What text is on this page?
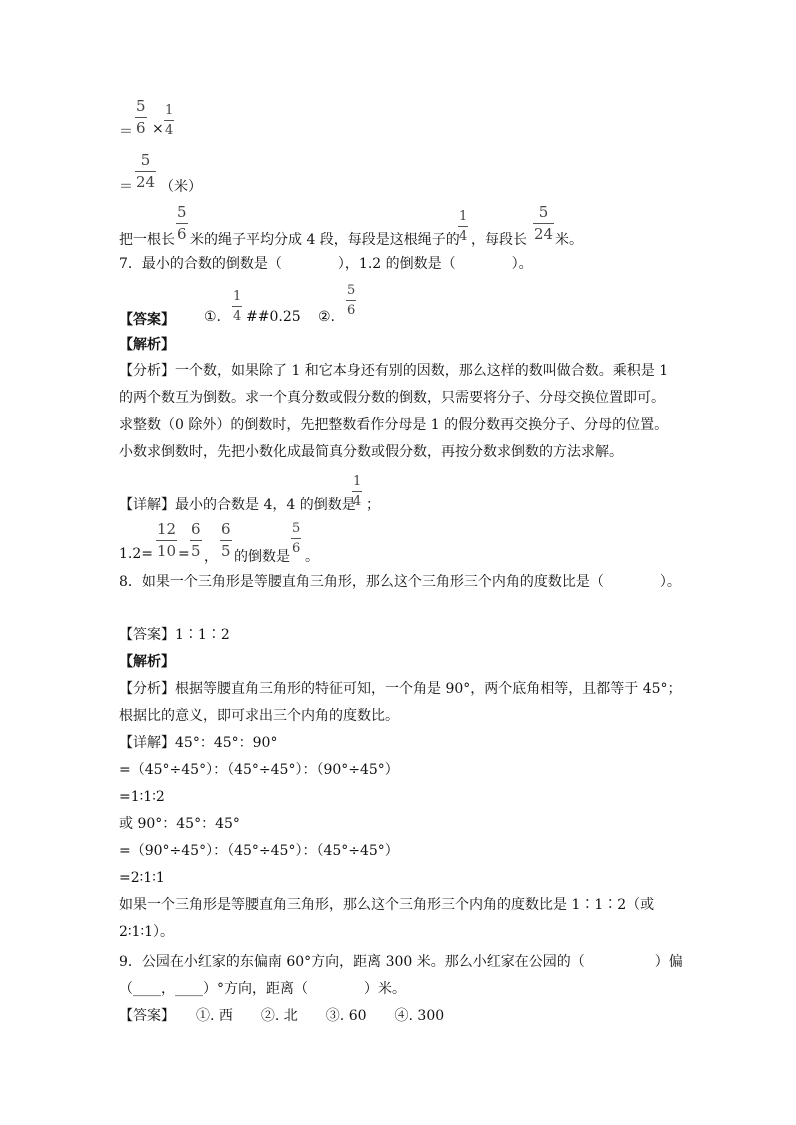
＝
5
6 ×
1
4
＝
5
24 （米）
把一根长
5
6 米的绳子平均分成 4 段，每段是这根绳子的
1
4 ，每段长
5
24 米。
7．最小的合数的倒数是（　　　　），1.2 的倒数是（　　　　）。
【答案】 ①.
1
4 ##0.25 ②.
5
6
【解析】
【分析】一个数，如果除了 1 和它本身还有别的因数，那么这样的数叫做合数。乘积是 1
的两个数互为倒数。求一个真分数或假分数的倒数，只需要将分子、分母交换位置即可。
求整数（0 除外）的倒数时，先把整数看作分母是 1 的假分数再交换分子、分母的位置。
小数求倒数时，先把小数化成最简真分数或假分数，再按分数求倒数的方法求解。
【详解】最小的合数是 4，4 的倒数是
1
4 ；
1.2=
12
10 =
6
5 ，
6
5 的倒数是
5
6
。
8．如果一个三角形是等腰直角三角形，那么这个三角形三个内角的度数比是（　　　　）。
【答案】1∶1∶2
【解析】
【分析】根据等腰直角三角形的特征可知，一个角是 90°，两个底角相等，且都等于 45°；
根据比的意义，即可求出三个内角的度数比。
【详解】45°：45°：90°
=（45°÷45°）：（45°÷45°）：（90°÷45°）
=1∶1∶2
或 90°：45°：45°
=（90°÷45°）：（45°÷45°）：（45°÷45°）
=2∶1∶1
如果一个三角形是等腰直角三角形，那么这个三角形三个内角的度数比是 1∶1∶2（或
2∶1∶1）。
9．公园在小红家的东偏南 60°方向，距离 300 米。那么小红家在公园的（　　　　　）偏
（____，____）°方向，距离（　　　　）米。
【答案】　　①. 西　　②. 北　　③. 60　　④. 300
